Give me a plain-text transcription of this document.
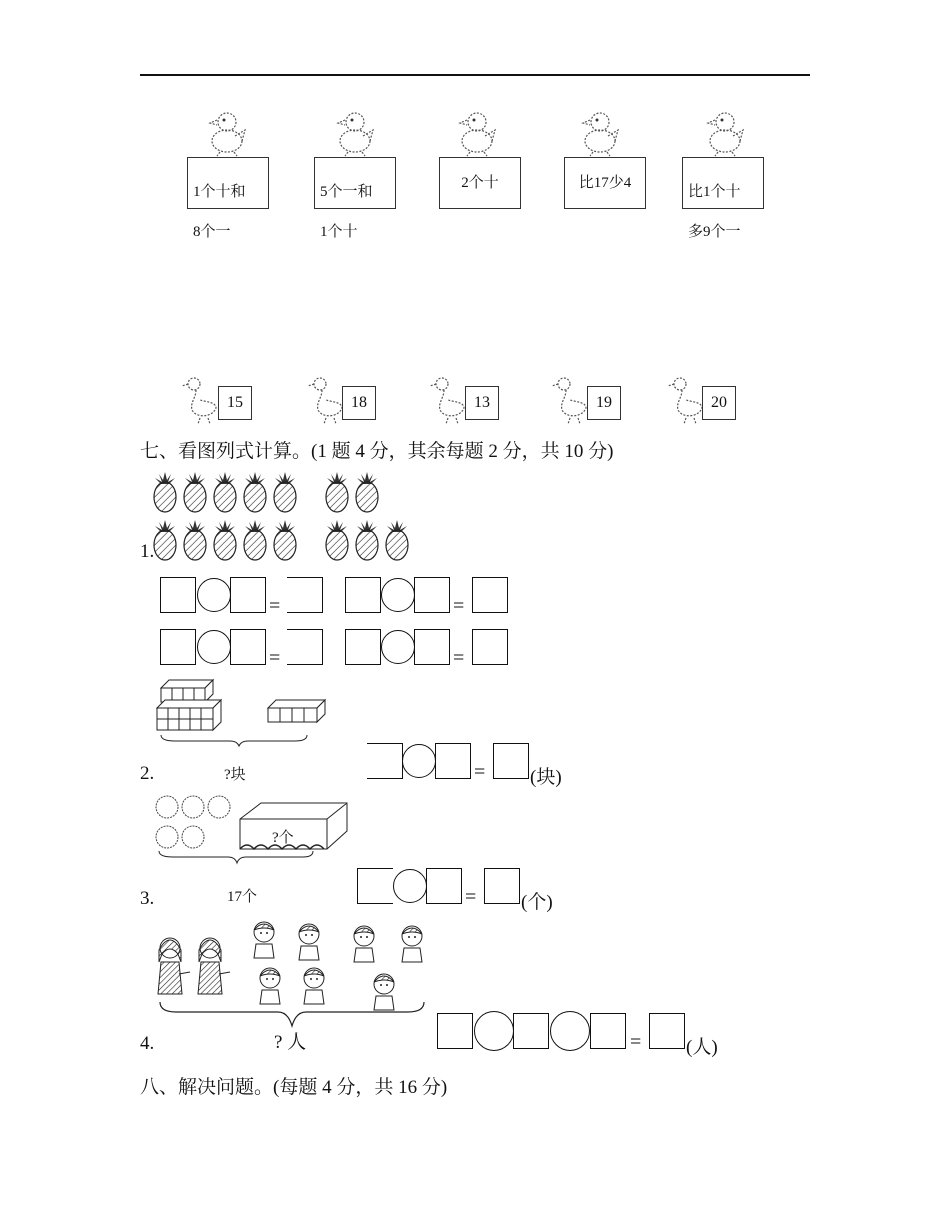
1个十和

8个一

5个一和

1个十

2个十	比17少4

比1个十

多9个一

15	18	13	19	20
七、看图列式计算。(1 题 4 分，其余每题 2 分，共 10 分)
1.
=	=
=	=
?块
2.	= (块)
?个
17个
3.	= (个)
? 人
4.	= (人)
八、解决问题。(每题 4 分，共 16 分)
